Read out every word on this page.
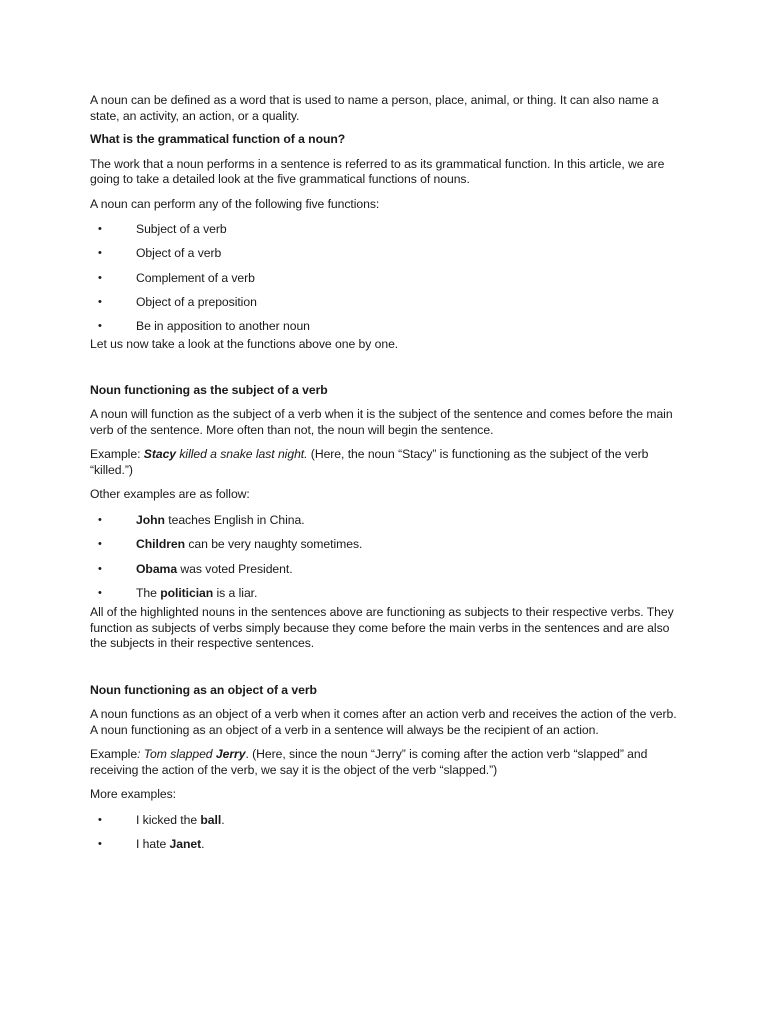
A noun can be defined as a word that is used to name a person, place, animal, or thing. It can also name a state, an activity, an action, or a quality.

What is the grammatical function of a noun?

The work that a noun performs in a sentence is referred to as its grammatical function. In this article, we are going to take a detailed look at the five grammatical functions of nouns.

A noun can perform any of the following five functions:

•	Subject of a verb
•	Object of a verb
•	Complement of a verb
•	Object of a preposition
•	Be in apposition to another noun

Let us now take a look at the functions above one by one.

Noun functioning as the subject of a verb

A noun will function as the subject of a verb when it is the subject of the sentence and comes before the main verb of the sentence. More often than not, the noun will begin the sentence.

Example: Stacy killed a snake last night. (Here, the noun “Stacy” is functioning as the subject of the verb “killed.”)

Other examples are as follow:

•	John teaches English in China.
•	Children can be very naughty sometimes.
•	Obama was voted President.
•	The politician is a liar.

All of the highlighted nouns in the sentences above are functioning as subjects to their respective verbs. They function as subjects of verbs simply because they come before the main verbs in the sentences and are also the subjects in their respective sentences.

Noun functioning as an object of a verb

A noun functions as an object of a verb when it comes after an action verb and receives the action of the verb. A noun functioning as an object of a verb in a sentence will always be the recipient of an action.

Example: Tom slapped Jerry. (Here, since the noun “Jerry” is coming after the action verb “slapped” and receiving the action of the verb, we say it is the object of the verb “slapped.”)

More examples:

•	I kicked the ball.
•	I hate Janet.
